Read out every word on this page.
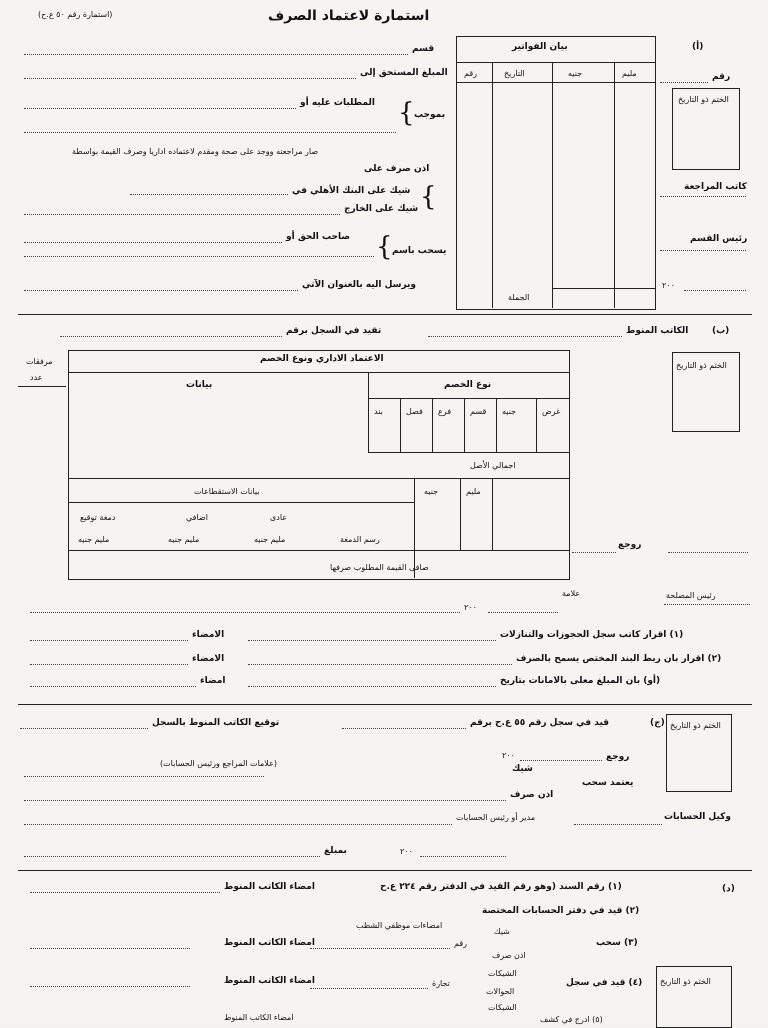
استمارة لاعتماد الصرف
(استمارة رقم ٥٠ ع.ح)
(أ)
رقم
الختم ذو التاريخ
كاتب المراجعة
رئيس القسم
٢٠٠
بيان الفواتير
مليم
جنيه
التاريخ
رقم
الجملة
قسم
المبلغ المستحق إلى
المطلبات عليه أو { بموجب
صار مراجعته ووجد على صحة ومقدم لاعتماده اداريا وصرف القيمة بواسطة
اذن صرف على
شيك على البنك الأهلي في
شيك على الخارج {
صاحب الحق أو { يسحب باسم
ويرسل اليه بالعنوان الآتي
(ب)
الكاتب المنوط
تقيد في السجل برقم
الختم ذو التاريخ
مرفقات
عدد
الاعتماد الاداري ونوع الخصم
بيانات	نوع الخصم
غرض
جنيه
قسم
فرع
فصل
بند
اجمالي الأصل
بيانات الاستقطاعات	مليم
جنيه
دمغة توقيع	اضافي	عادى
مليم جنيه	مليم جنيه	مليم جنيه	رسم الدمغة
صافى القيمة المطلوب صرفها
روجع
علامة	رئيس المصلحة
٢٠٠
(١) اقرار كاتب سجل الحجوزات والتنازلات
الامضاء
(٢) اقرار بان ربط البند المختص يسمح بالصرف
الامضاء
(أو) بان المبلغ معلى بالامانات بتاريخ
امضاء
قيد في سجل رقم ٥٥ ع.ح برقم	(ج)
توقيع الكاتب المنوط بالسجل	الختم ذو التاريخ
روجع
٢٠٠
(علامات المراجع ورئيس الحسابات)
شيك
يعتمد سحب
اذن صرف
وكيل الحسابات
مدير أو رئيس الحسابات
بمبلغ	٢٠٠
(د)
(١) رقم السند (وهو رقم القيد في الدفتر رقم ٢٢٤ ع.ح
امضاء الكاتب المنوط
(٢) قيد في دفتر الحسابات المختصة
امضاءات موظفي الشطب
شيك
(٣) سحب
رقم
امضاء الكاتب المنوط
اذن صرف
الشيكات
(٤) قيد في سجل
تجارة
امضاء الكاتب المنوط
الحوالات
الشيكات
(٥) ادرج في كشف
امضاء الكاتب المنوط
الختم ذو التاريخ
